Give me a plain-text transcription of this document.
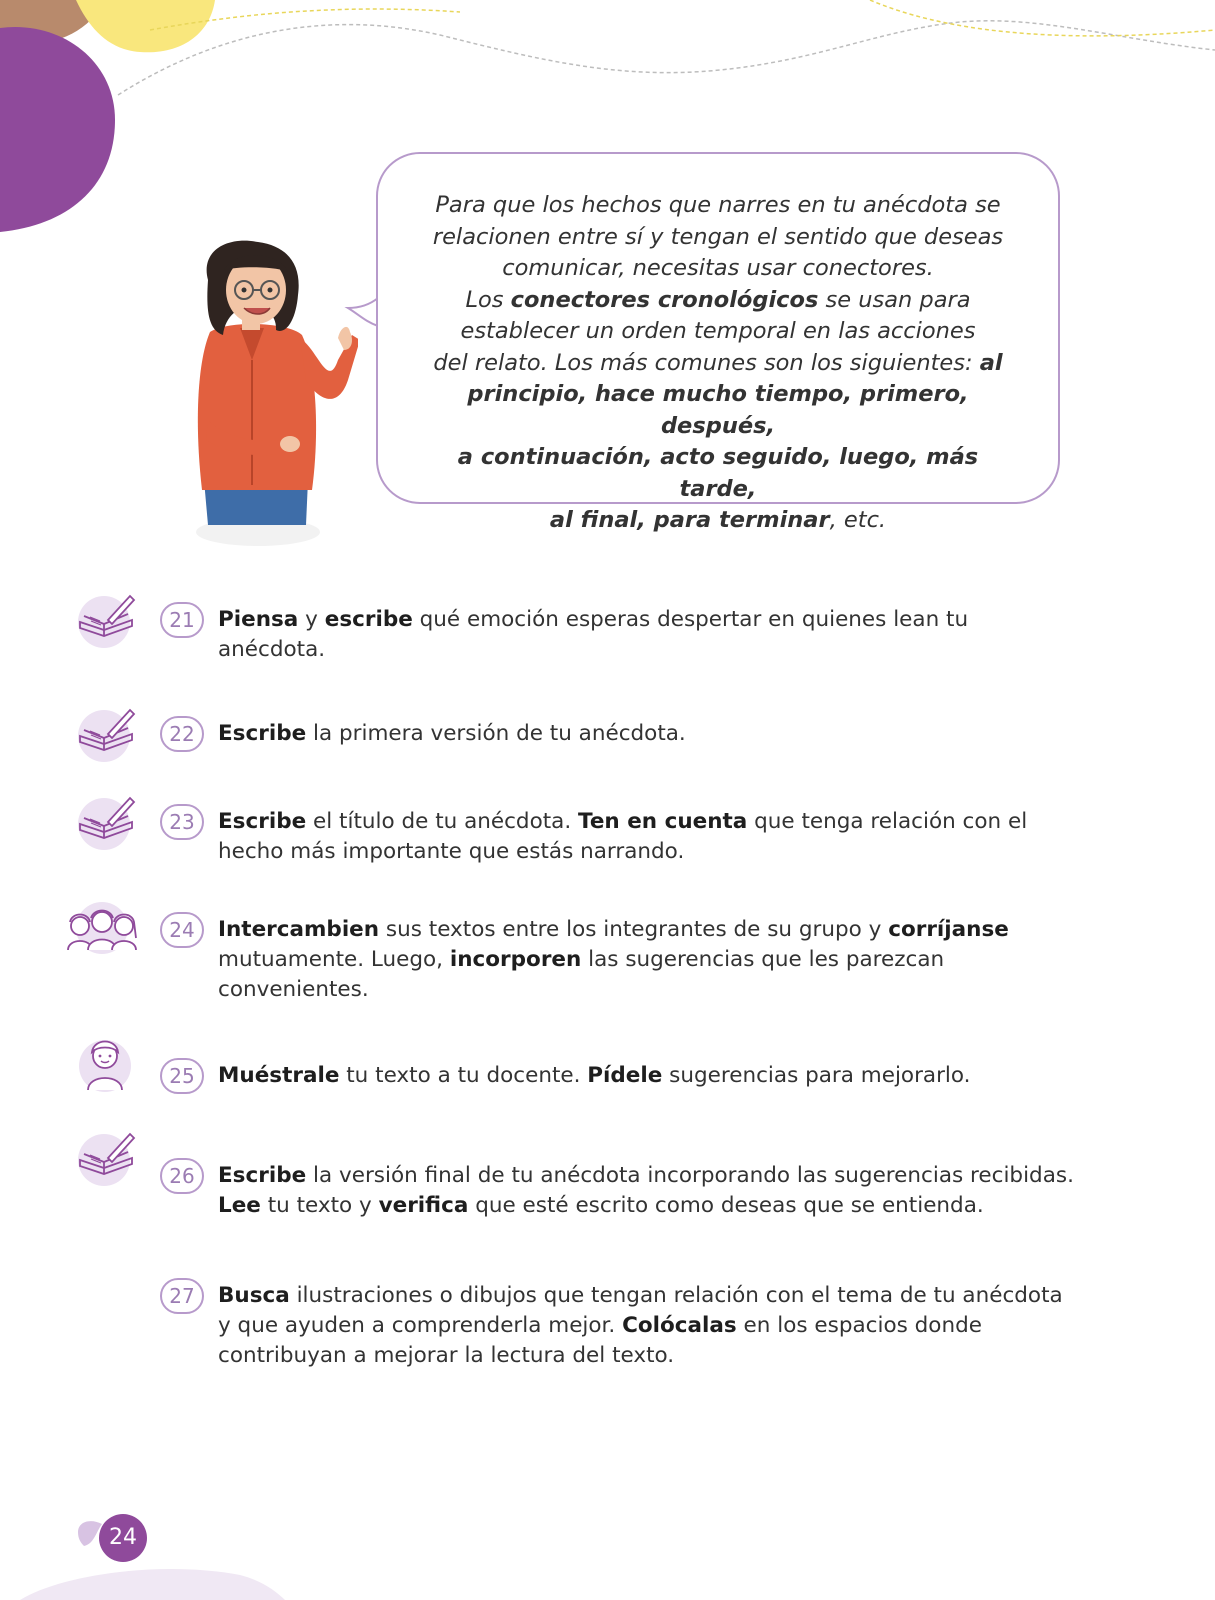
Para que los hechos que narres en tu anécdota se
relacionen entre sí y tengan el sentido que deseas
comunicar, necesitas usar conectores.
Los conectores cronológicos se usan para
establecer un orden temporal en las acciones
del relato. Los más comunes son los siguientes: al
principio, hace mucho tiempo, primero, después,
a continuación, acto seguido, luego, más tarde,
al final, para terminar, etc.
21	Piensa y escribe qué emoción esperas despertar en quienes lean tu
anécdota.
22	Escribe la primera versión de tu anécdota.
23	Escribe el título de tu anécdota. Ten en cuenta que tenga relación con el
hecho más importante que estás narrando.
24	Intercambien sus textos entre los integrantes de su grupo y corríjanse
mutuamente. Luego, incorporen las sugerencias que les parezcan
convenientes.
25	Muéstrale tu texto a tu docente. Pídele sugerencias para mejorarlo.
26	Escribe la versión final de tu anécdota incorporando las sugerencias recibidas.
Lee tu texto y verifica que esté escrito como deseas que se entienda.
27	Busca ilustraciones o dibujos que tengan relación con el tema de tu anécdota
y que ayuden a comprenderla mejor. Colócalas en los espacios donde
contribuyan a mejorar la lectura del texto.
24
